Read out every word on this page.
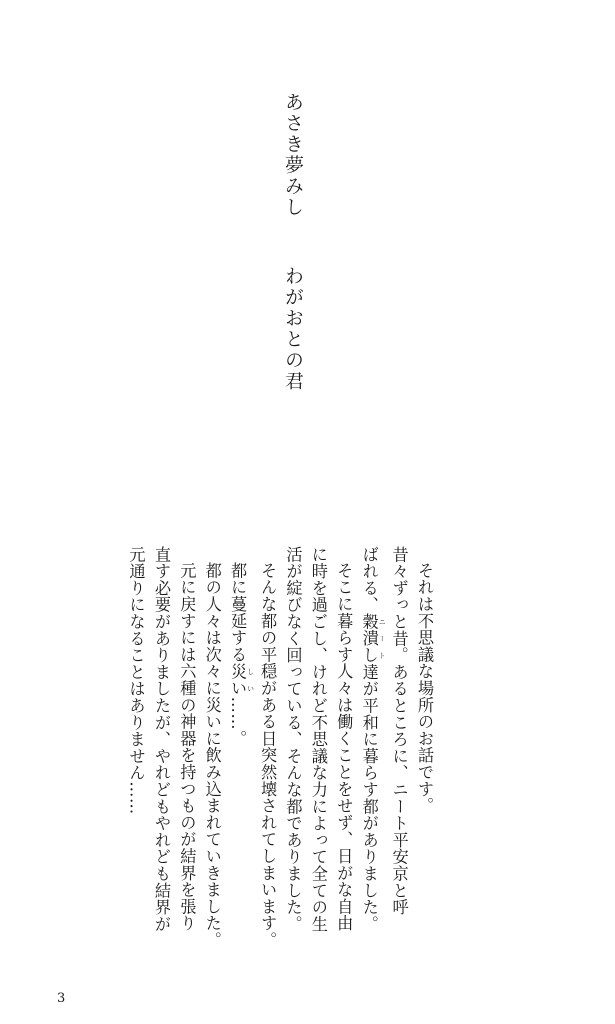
あさき夢みしわがおとの君
それは不思議な場所のお話です。
昔々ずっと昔。あるところに、ニート平安京と呼
ばれる、穀潰し ニート達が平和に暮らす都がありました。
そこに暮らす人々は働くことをせず、日がな自由
に時を過ごし、けれど不思議な力によって全ての生
活が綻びなく回っている、そんな都でありました。
そんな都の平穏がある日突然壊されてしまいます。
都に蔓延する災い しい……。
都の人々は次々に災いに飲み込まれていきました。
元に戻すには六種の神器を持つものが結界を張り
直す必要がありましたが、やれどもやれども結界が
元通りになることはありません……
3
